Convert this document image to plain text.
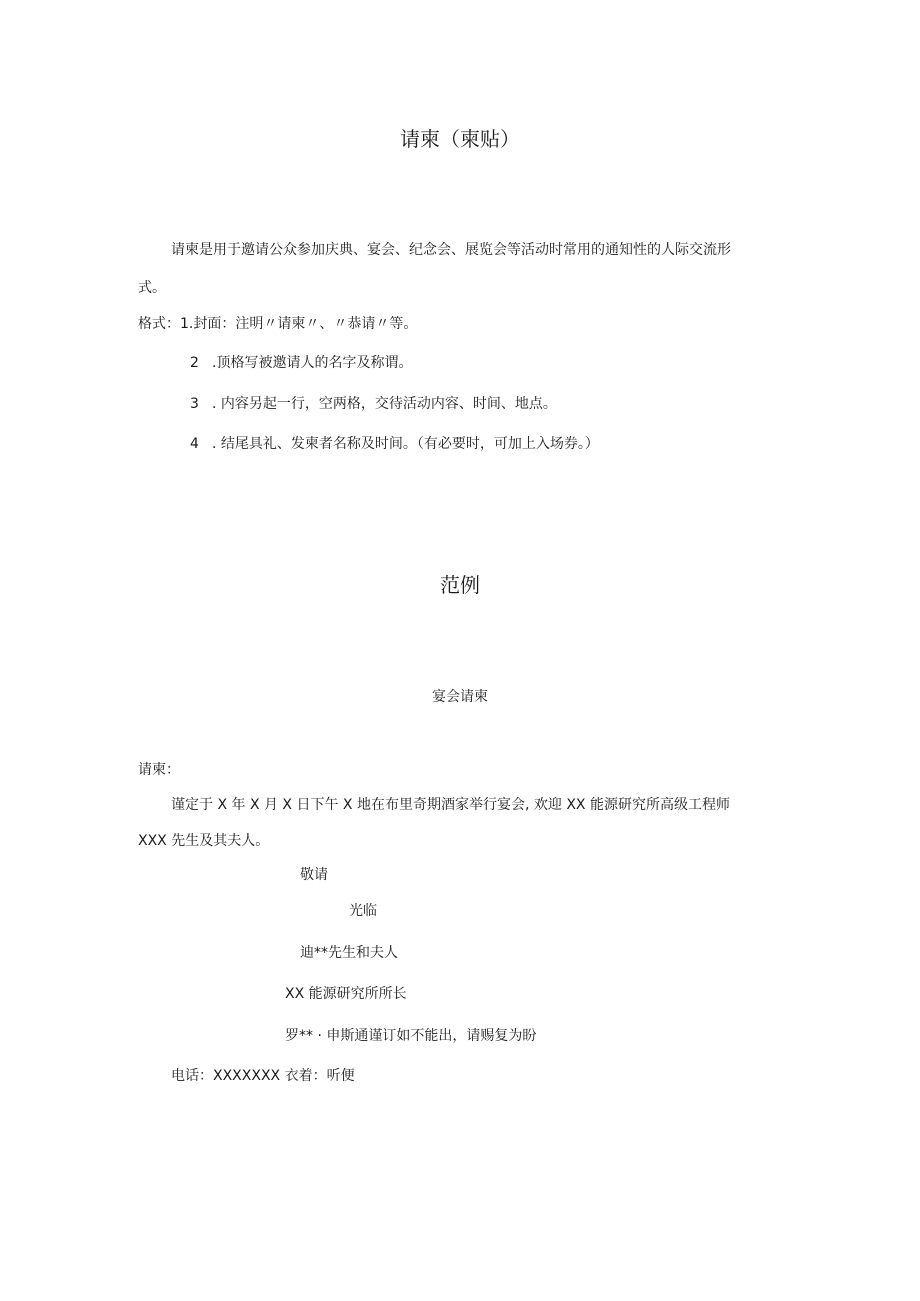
请柬（柬贴）
请柬是用于邀请公众参加庆典、宴会、纪念会、展览会等活动时常用的通知性的人际交流形
式。
格式：1.封面：注明〃请柬〃、〃恭请〃等。
2 .顶格写被邀请人的名字及称谓。
3 . 内容另起一行，空两格，交待活动内容、时间、地点。
4 . 结尾具礼、发柬者名称及时间。（有必要时，可加上入场券。）
范例
宴会请柬
请柬：
谨定于 X 年 X 月 X 日下午 X 地在布里奇期酒家举行宴会, 欢迎 XX 能源研究所高级工程师
XXX 先生及其夫人。
敬请
光临
迪**先生和夫人
XX 能源研究所所长
罗** · 申斯通谨订如不能出，请赐复为盼
电话：XXXXXXX 衣着：听便
